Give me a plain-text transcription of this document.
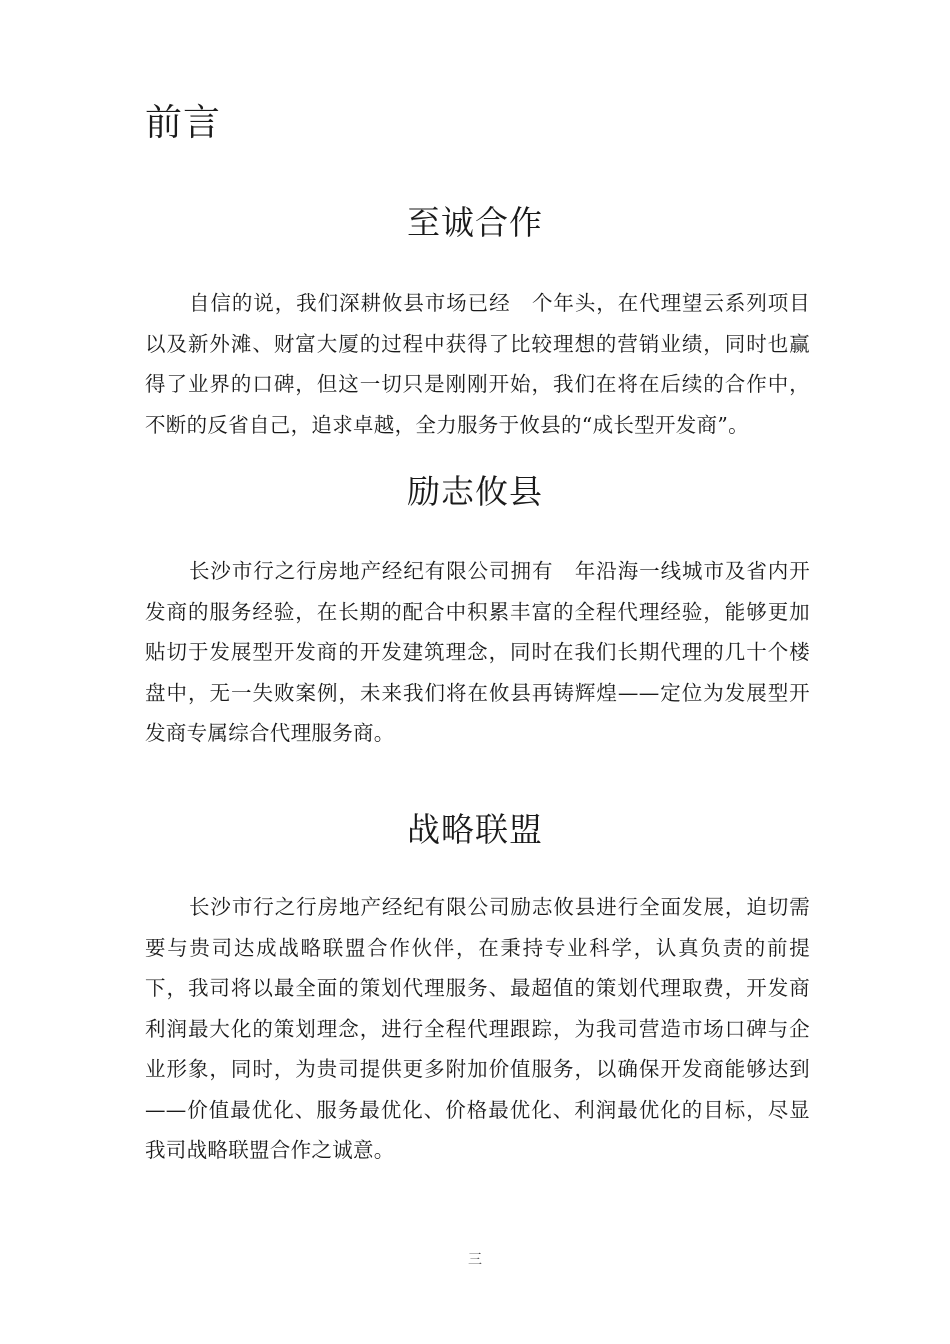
前言
至诚合作

自信的说，我们深耕攸县市场已经　个年头，在代理望云系列项目以及新外滩、财富大厦的过程中获得了比较理想的营销业绩，同时也赢得了业界的口碑，但这一切只是刚刚开始，我们在将在后续的合作中，不断的反省自己，追求卓越，全力服务于攸县的“成长型开发商”。

励志攸县

长沙市行之行房地产经纪有限公司拥有　年沿海一线城市及省内开发商的服务经验，在长期的配合中积累丰富的全程代理经验，能够更加贴切于发展型开发商的开发建筑理念，同时在我们长期代理的几十个楼盘中，无一失败案例，未来我们将在攸县再铸辉煌——定位为发展型开发商专属综合代理服务商。

战略联盟

长沙市行之行房地产经纪有限公司励志攸县进行全面发展，迫切需要与贵司达成战略联盟合作伙伴，在秉持专业科学，认真负责的前提下，我司将以最全面的策划代理服务、最超值的策划代理取费，开发商利润最大化的策划理念，进行全程代理跟踪，为我司营造市场口碑与企业形象，同时，为贵司提供更多附加价值服务，以确保开发商能够达到——价值最优化、服务最优化、价格最优化、利润最优化的目标，尽显我司战略联盟合作之诚意。

三
